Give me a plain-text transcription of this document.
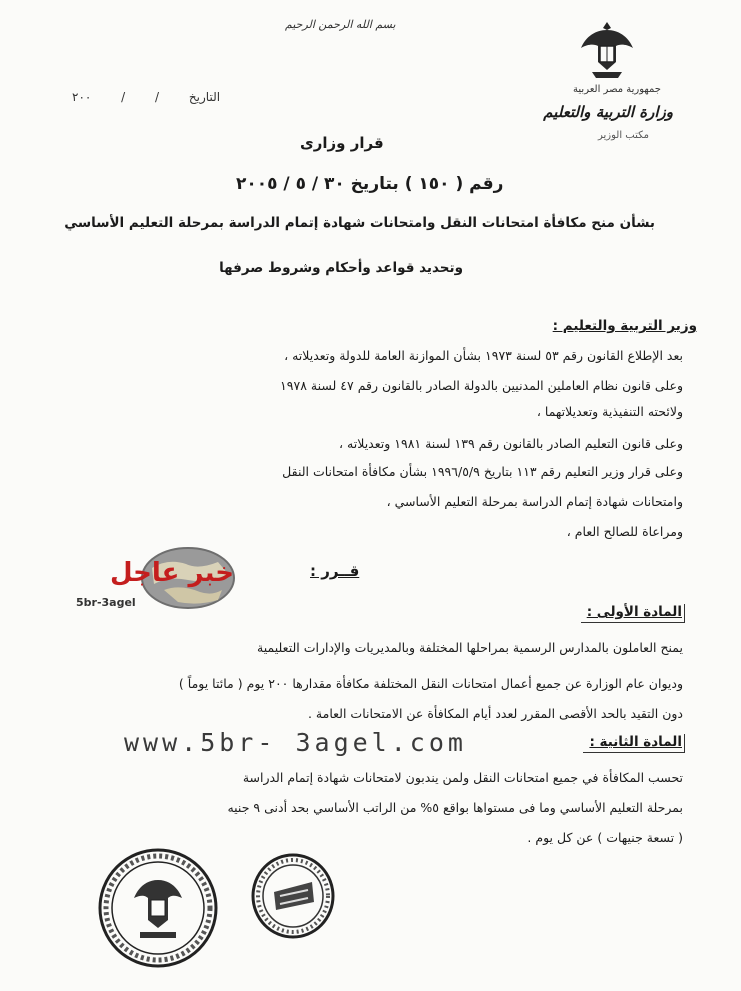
بسم الله الرحمن الرحيم
جمهورية مصر العربية
وزارة التربية والتعليم
مكتب الوزير
التاريخ / / ٢٠٠
قرار وزارى
رقم ( ١٥٠ ) بتاريخ ٣٠ / ٥ / ٢٠٠٥
بشأن منح مكافأة امتحانات النقل وامتحانات شهادة إتمام الدراسة بمرحلة التعليم الأساسي
وتحديد قواعد وأحكام وشروط صرفها
وزير التربية والتعليم :
بعد الإطلاع القانون رقم ٥٣ لسنة ١٩٧٣ بشأن الموازنة العامة للدولة وتعديلاته ،
وعلى قانون نظام العاملين المدنيين بالدولة الصادر بالقانون رقم ٤٧ لسنة ١٩٧٨
ولائحته التنفيذية وتعديلاتهما ،
وعلى قانون التعليم الصادر بالقانون رقم ١٣٩ لسنة ١٩٨١ وتعديلاته ،
وعلى قرار وزير التعليم رقم ١١٣ بتاريخ ١٩٩٦/٥/٩ بشأن مكافأة امتحانات النقل
وامتحانات شهادة إتمام الدراسة بمرحلة التعليم الأساسي ،
ومراعاة للصالح العام ،
قــرر :
خبر عاجل
5br-3agel
المادة الأولى :
يمنح العاملون بالمدارس الرسمية بمراحلها المختلفة وبالمديريات والإدارات التعليمية
وديوان عام الوزارة عن جميع أعمال امتحانات النقل المختلفة مكافأة مقدارها ٢٠٠ يوم ( مائتا يوماً )
دون التقيد بالحد الأقصى المقرر لعدد أيام المكافأة عن الامتحانات العامة .
www.5br- 3agel.com	المادة الثانية :
تحسب المكافأة في جميع امتحانات النقل ولمن يندبون لامتحانات شهادة إتمام الدراسة
بمرحلة التعليم الأساسي وما فى مستواها بواقع ٥% من الراتب الأساسي بحد أدنى ٩ جنيه
( تسعة جنيهات ) عن كل يوم .
